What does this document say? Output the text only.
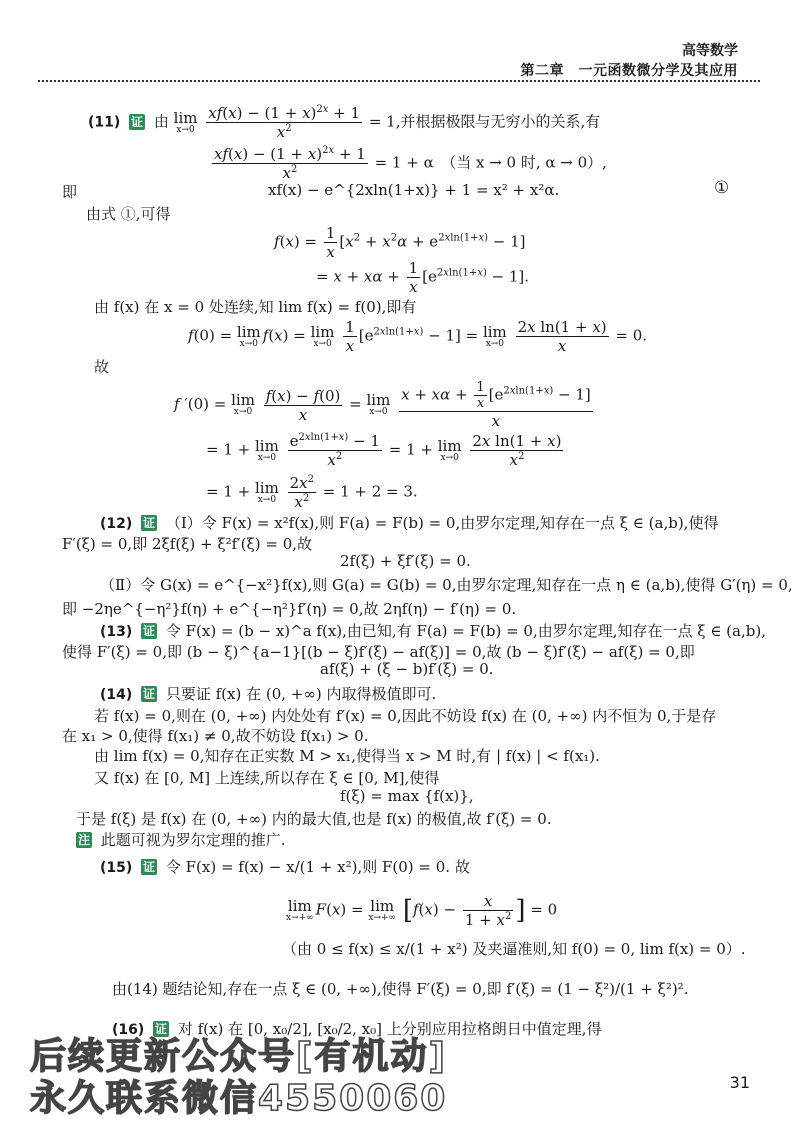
高等数学
第二章　一元函数微分学及其应用
(11) 证 由 lim
x→0
$\frac{xf(x) - (1 + x)^{2x} + 1}{x^2} = 1$,并根据极限与无穷小的关系,有
$\frac{xf(x) - (1 + x)^{2x} + 1}{x^2} = 1 + \alpha$　（当 x → 0 时, α → 0）,
即	xf(x) − e^{2xln(1+x)} + 1 = x² + x²α.	①
由式 ①,可得
$f(x) = \frac{1}{x} [x^2 + x^2\alpha + e^{2xln(1+x)} - 1]$
= $x + x\alpha + \frac{1}{x} [e^{2xln(1+x)} - 1]$.
由 f(x) 在 x = 0 处连续,知 lim f(x) = f(0),即有
f(0) = lim
x→0 f(x) = lim
x→0
$\frac{1}{x} [e^{2xln(1+x)} - 1] = \lim$
x→0
$\frac{\text{2x ln(1 + x)}}{x} = 0$.
故
f ′(0) = lim
x→0
$\frac{f(x) - f(0)}{x} = \lim$
x→0
$\frac{x + x\alpha + \frac{1}{x} [e^{2xln(1+x)} - 1]}{x}$
= 1 + lim
x→0
$\frac{e^{2xln(1+x)} - 1}{x^2} = 1 + \lim$
x→0
$\frac{\text{2x ln(1 + x)}}{x^2}$
= 1 + lim
x→0
$\frac{2x^2}{x^2} = 1 + 2 = 3$.
(12) 证 （Ⅰ）令 F(x) = x²f(x),则 F(a) = F(b) = 0,由罗尔定理,知存在一点 ξ ∈ (a,b),使得
F′(ξ) = 0,即 2ξf(ξ) + ξ²f′(ξ) = 0,故
2f(ξ) + ξf′(ξ) = 0.
（Ⅱ）令 G(x) = e^{−x²}f(x),则 G(a) = G(b) = 0,由罗尔定理,知存在一点 η ∈ (a,b),使得 G′(η) = 0,
即 −2ηe^{−η²}f(η) + e^{−η²}f′(η) = 0,故 2ηf(η) − f′(η) = 0.
(13) 证 令 F(x) = (b − x)^a f(x),由已知,有 F(a) = F(b) = 0,由罗尔定理,知存在一点 ξ ∈ (a,b),
使得 F′(ξ) = 0,即 (b − ξ)^{a−1}[(b − ξ)f′(ξ) − af(ξ)] = 0,故 (b − ξ)f′(ξ) − af(ξ) = 0,即
af(ξ) + (ξ − b)f′(ξ) = 0.
(14) 证 只要证 f(x) 在 (0, +∞) 内取得极值即可.
若 f(x) = 0,则在 (0, +∞) 内处处有 f′(x) = 0,因此不妨设 f(x) 在 (0, +∞) 内不恒为 0,于是存
在 x₁ > 0,使得 f(x₁) ≠ 0,故不妨设 f(x₁) > 0.
由 lim f(x) = 0,知存在正实数 M > x₁,使得当 x > M 时,有 | f(x) | < f(x₁).
又 f(x) 在 [0, M] 上连续,所以存在 ξ ∈ [0, M],使得
f(ξ) = max {f(x)},
于是 f(ξ) 是 f(x) 在 (0, +∞) 内的最大值,也是 f(x) 的极值,故 f′(ξ) = 0.
注 此题可视为罗尔定理的推广.
(15) 证 令 F(x) = f(x) − x/(1 + x²),则 F(0) = 0. 故
lim
x→+∞ F(x) = lim
x→+∞ [$f(x) - \frac{x}{1 + x^2}$ ] = 0
（由 0 ≤ f(x) ≤ x/(1 + x²) 及夹逼准则,知 f(0) = 0, lim f(x) = 0）.
由(14) 题结论知,存在一点 ξ ∈ (0, +∞),使得 F′(ξ) = 0,即 f′(ξ) = (1 − ξ²)/(1 + ξ²)².
(16) 证 对 f(x) 在 [0, x₀/2], [x₀/2, x₀] 上分别应用拉格朗日中值定理,得
后续更新公众号[有机动]
永久联系微信4550060	31
